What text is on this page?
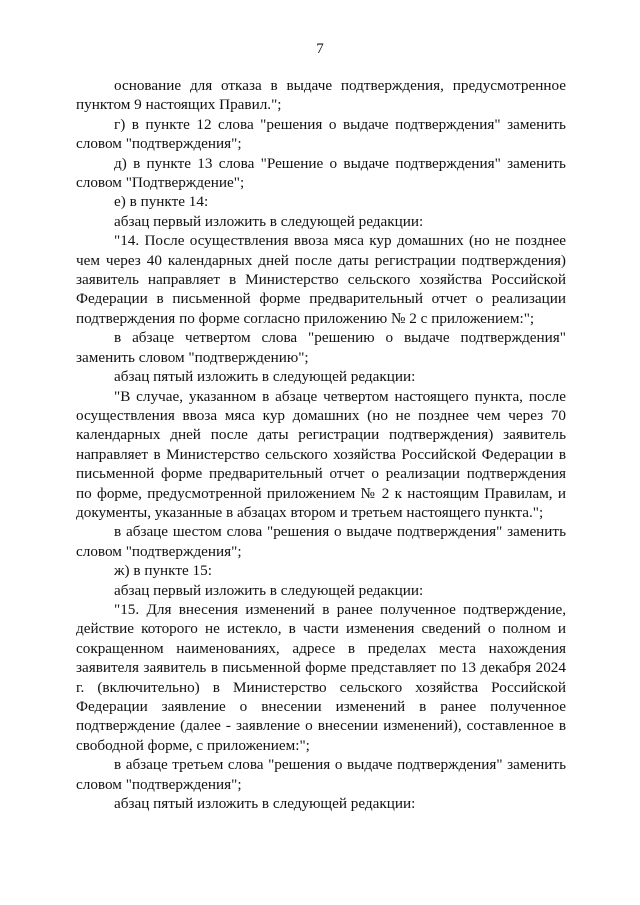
7

основание для отказа в выдаче подтверждения, предусмотренное пунктом 9 настоящих Правил.";

г) в пункте 12 слова "решения о выдаче подтверждения" заменить словом "подтверждения";

д) в пункте 13 слова "Решение о выдаче подтверждения" заменить словом "Подтверждение";

е) в пункте 14:

абзац первый изложить в следующей редакции:

"14. После осуществления ввоза мяса кур домашних (но не позднее чем через 40 календарных дней после даты регистрации подтверждения) заявитель направляет в Министерство сельского хозяйства Российской Федерации в письменной форме предварительный отчет о реализации подтверждения по форме согласно приложению № 2 с приложением:";

в абзаце четвертом слова "решению о выдаче подтверждения" заменить словом "подтверждению";

абзац пятый изложить в следующей редакции:

"В случае, указанном в абзаце четвертом настоящего пункта, после осуществления ввоза мяса кур домашних (но не позднее чем через 70 календарных дней после даты регистрации подтверждения) заявитель направляет в Министерство сельского хозяйства Российской Федерации в письменной форме предварительный отчет о реализации подтверждения по форме, предусмотренной приложением № 2 к настоящим Правилам, и документы, указанные в абзацах втором и третьем настоящего пункта.";

в абзаце шестом слова "решения о выдаче подтверждения" заменить словом "подтверждения";

ж) в пункте 15:

абзац первый изложить в следующей редакции:

"15. Для внесения изменений в ранее полученное подтверждение, действие которого не истекло, в части изменения сведений о полном и сокращенном наименованиях, адресе в пределах места нахождения заявителя заявитель в письменной форме представляет по 13 декабря 2024 г. (включительно) в Министерство сельского хозяйства Российской Федерации заявление о внесении изменений в ранее полученное подтверждение (далее - заявление о внесении изменений), составленное в свободной форме, с приложением:";

в абзаце третьем слова "решения о выдаче подтверждения" заменить словом "подтверждения";

абзац пятый изложить в следующей редакции:
